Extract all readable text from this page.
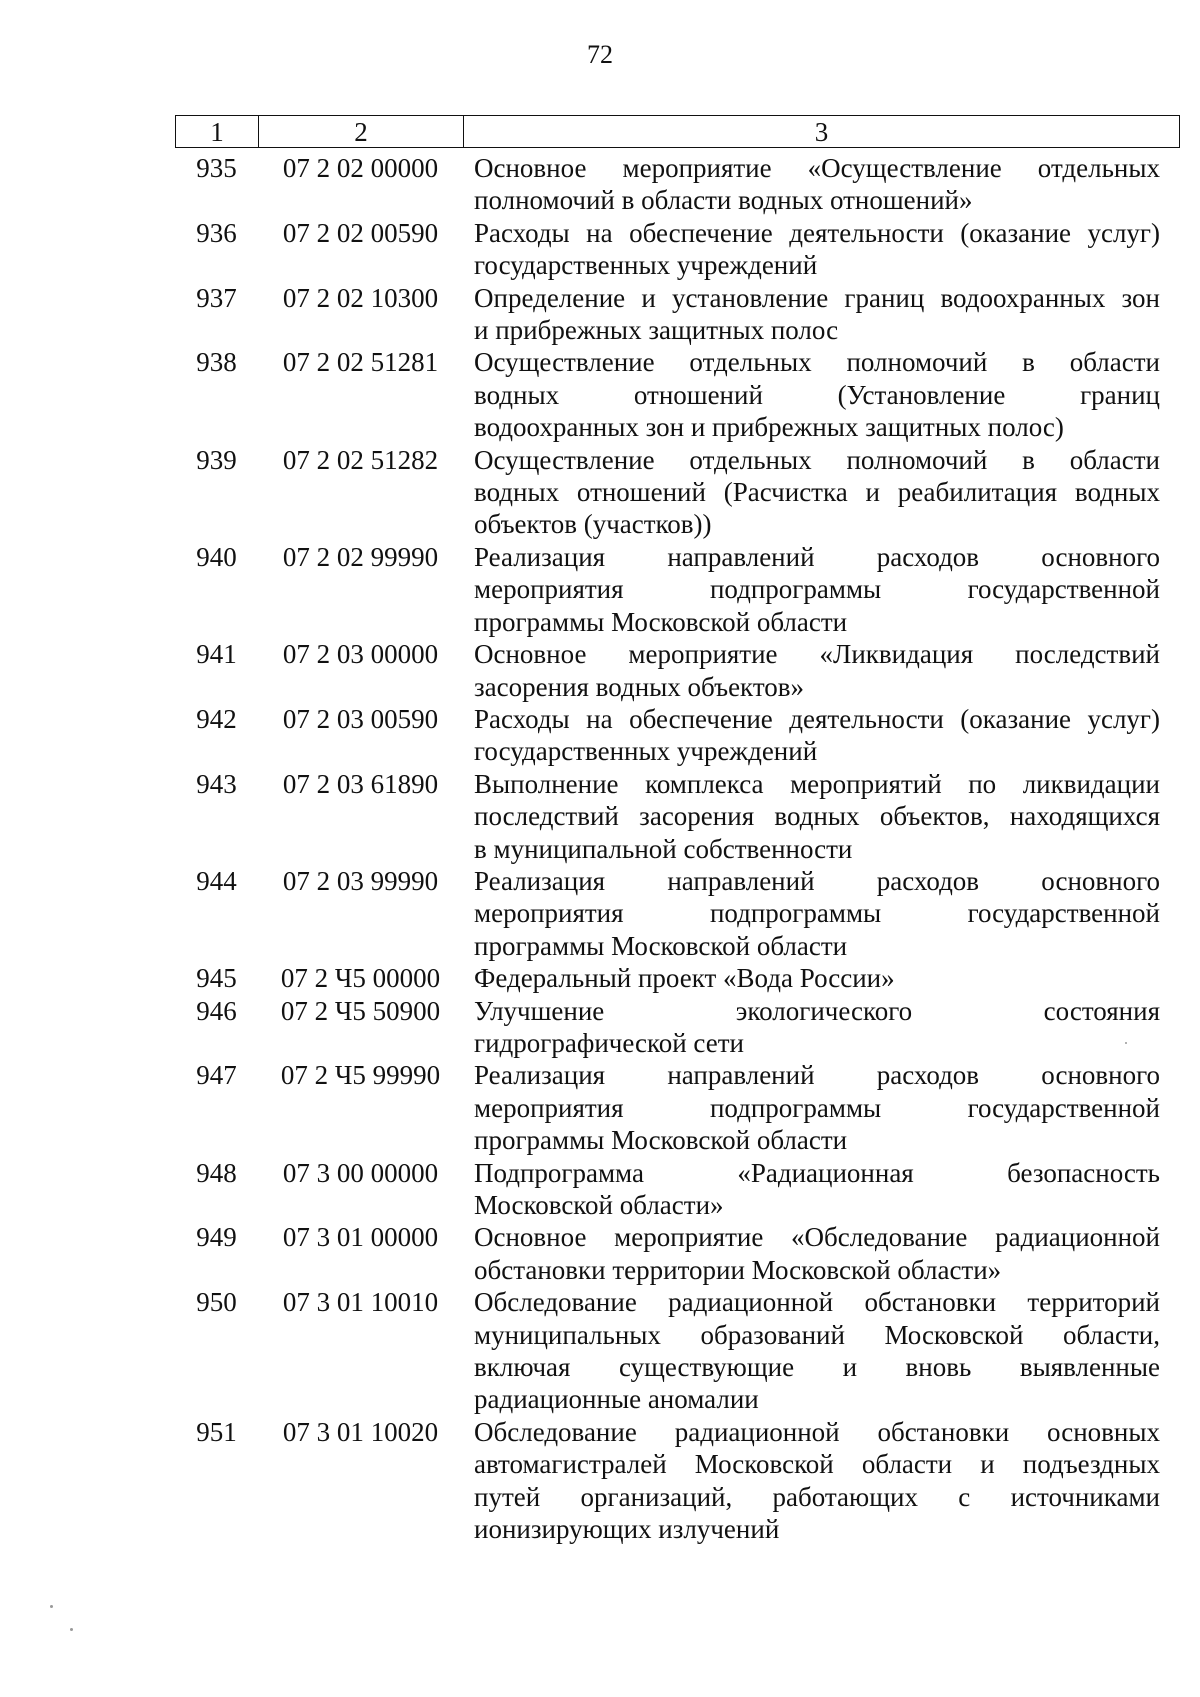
72
1	2	3
935	07 2 02 00000	Основное мероприятие «Осуществление отдельных
полномочий в области водных отношений»
936	07 2 02 00590	Расходы на обеспечение деятельности (оказание услуг)
государственных учреждений
937	07 2 02 10300	Определение и установление границ водоохранных зон
и прибрежных защитных полос
938	07 2 02 51281	Осуществление отдельных полномочий в области
водных отношений (Установление границ
водоохранных зон и прибрежных защитных полос)
939	07 2 02 51282	Осуществление отдельных полномочий в области
водных отношений (Расчистка и реабилитация водных
объектов (участков))
940	07 2 02 99990	Реализация направлений расходов основного
мероприятия подпрограммы государственной
программы Московской области
941	07 2 03 00000	Основное мероприятие «Ликвидация последствий
засорения водных объектов»
942	07 2 03 00590	Расходы на обеспечение деятельности (оказание услуг)
государственных учреждений
943	07 2 03 61890	Выполнение комплекса мероприятий по ликвидации
последствий засорения водных объектов, находящихся
в муниципальной собственности
944	07 2 03 99990	Реализация направлений расходов основного
мероприятия подпрограммы государственной
программы Московской области
945	07 2 Ч5 00000	Федеральный проект «Вода России»
946	07 2 Ч5 50900	Улучшение экологического состояния
гидрографической сети
947	07 2 Ч5 99990	Реализация направлений расходов основного
мероприятия подпрограммы государственной
программы Московской области
948	07 3 00 00000	Подпрограмма «Радиационная безопасность
Московской области»
949	07 3 01 00000	Основное мероприятие «Обследование радиационной
обстановки территории Московской области»
950	07 3 01 10010	Обследование радиационной обстановки территорий
муниципальных образований Московской области,
включая существующие и вновь выявленные
радиационные аномалии
951	07 3 01 10020	Обследование радиационной обстановки основных
автомагистралей Московской области и подъездных
путей организаций, работающих с источниками
ионизирующих излучений
